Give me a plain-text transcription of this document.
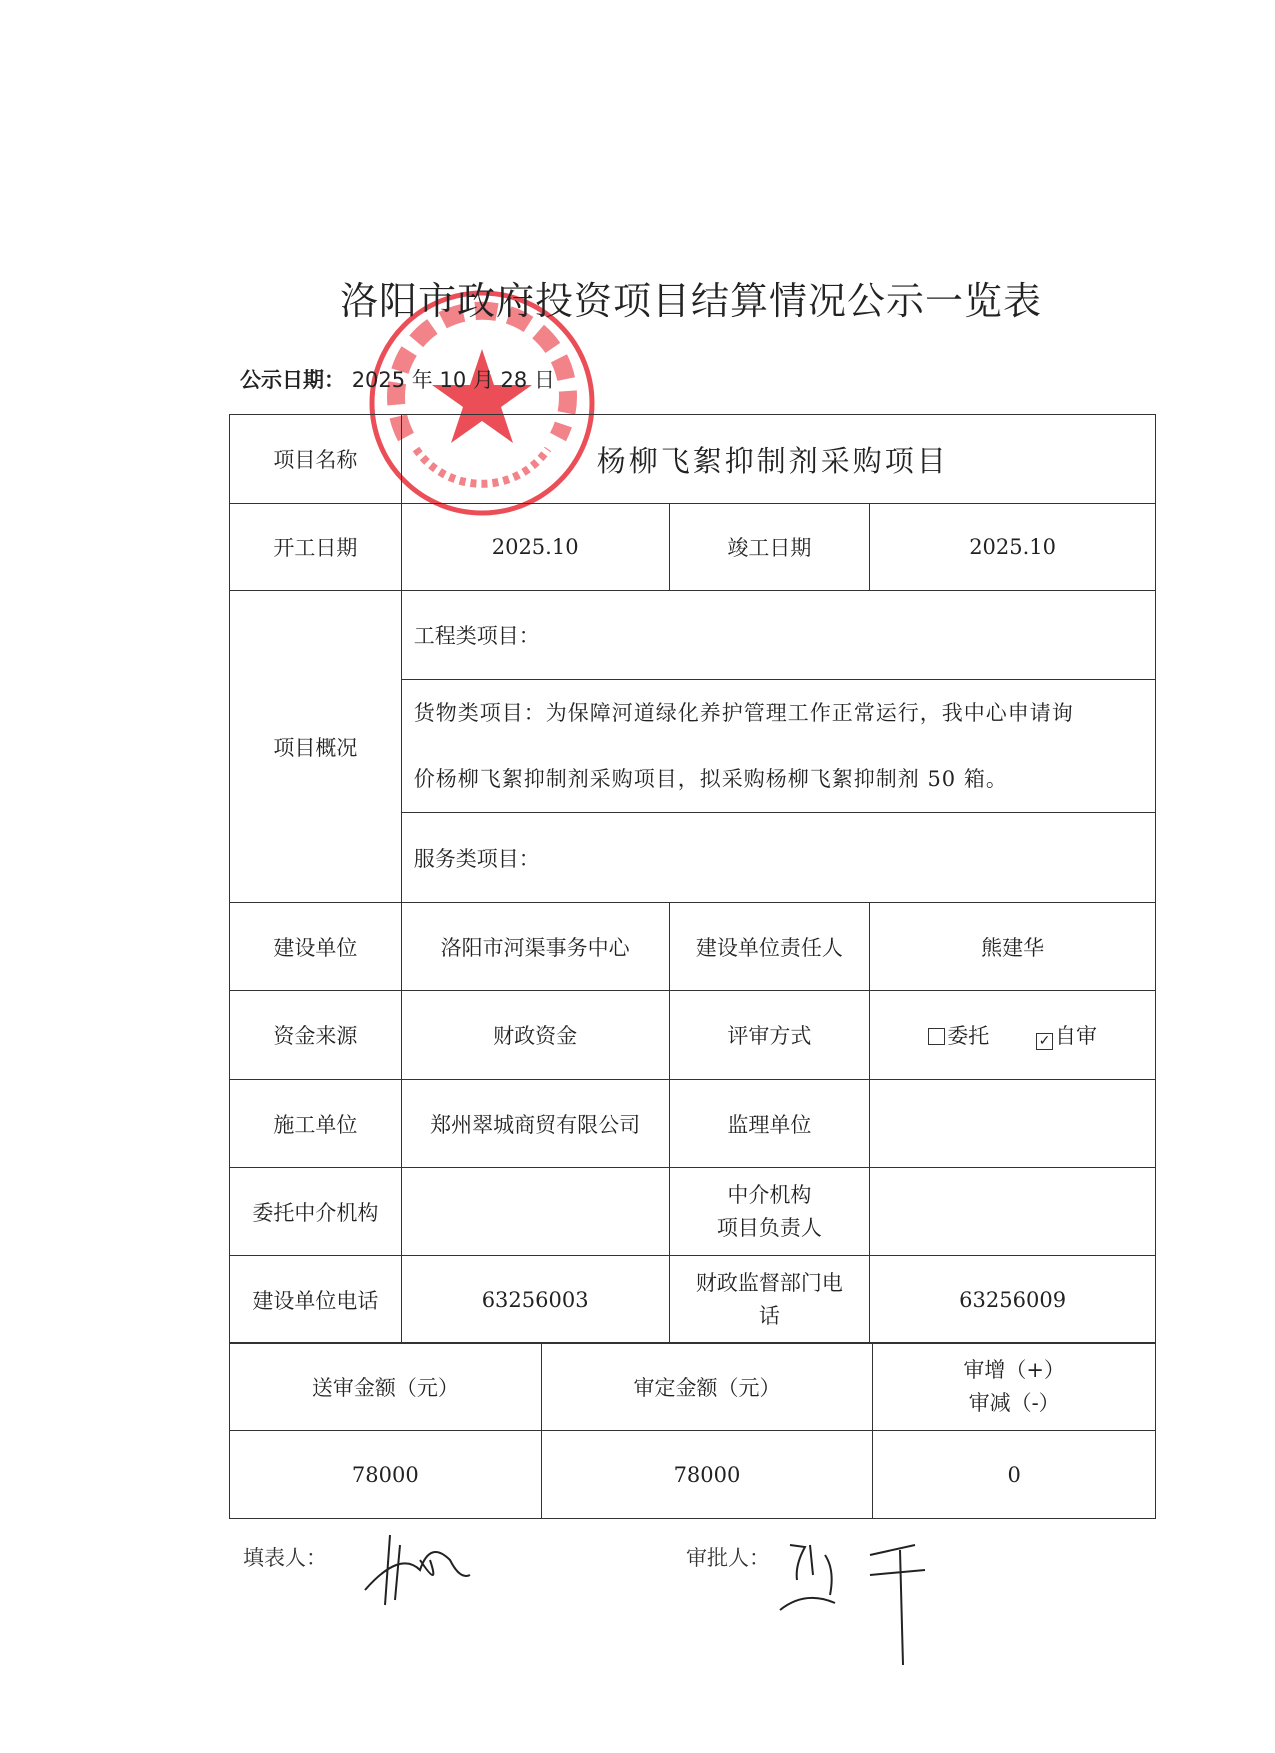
洛阳市政府投资项目结算情况公示一览表
公示日期： 2025 年 10 月 28 日
项目名称	杨柳飞絮抑制剂采购项目		
开工日期	2025.10	竣工日期	2025.10
项目概况	工程类项目：		

	货物类项目：为保障河道绿化养护管理工作正常运行，我中心申请询
价杨柳飞絮抑制剂采购项目，拟采购杨柳飞絮抑制剂 50 箱。		

	服务类项目：		
建设单位	洛阳市河渠事务中心	建设单位责任人	熊建华
资金来源	财政资金	评审方式	委托 ✓ 自审
施工单位	郑州翠城商贸有限公司	监理单位	
委托中介机构		中介机构
项目负责人	

建设单位电话	63256003	财政监督部门电
话	63256009
送审金额（元）	审定金额（元）	审增（+）
审减（-）

78000	78000	0
填表人：	审批人：
